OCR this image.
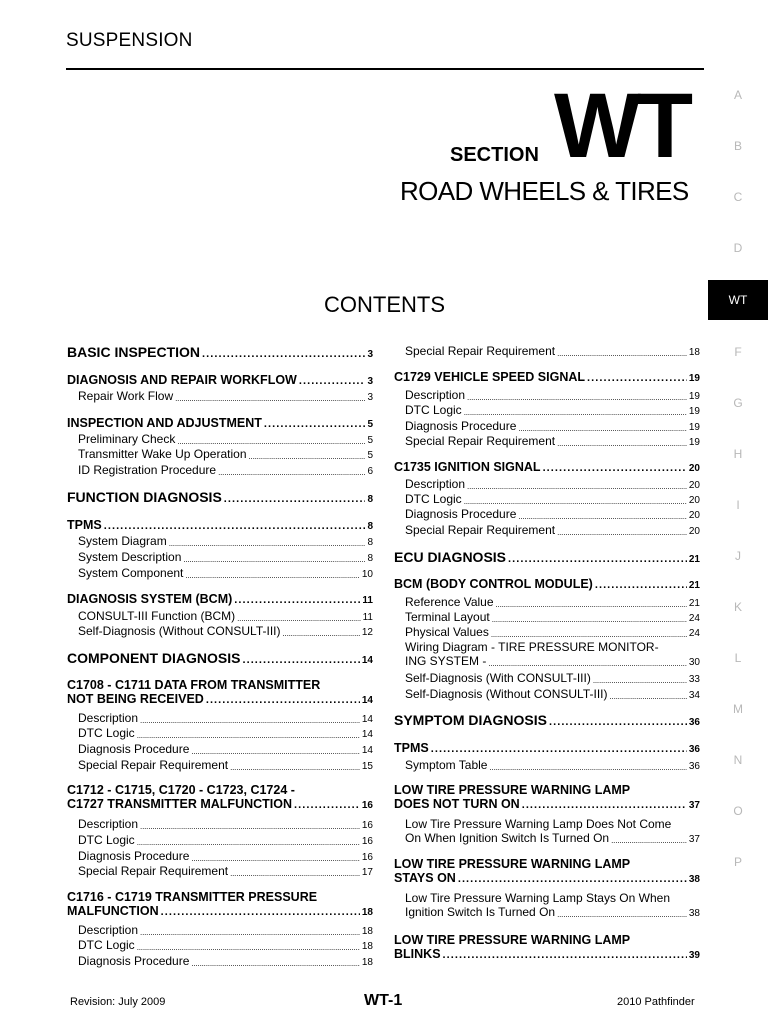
SUSPENSION
SECTION WT
ROAD WHEELS & TIRES
CONTENTS
A
B
C
D
WT
F
G
H
I
J
K
L
M
N
O
P
BASIC INSPECTION . . .	3
DIAGNOSIS AND REPAIR WORKFLOW . . .	3
Repair Work Flow . . .	3
INSPECTION AND ADJUSTMENT . . .	5
Preliminary Check . . .	5
Transmitter Wake Up Operation . . .	5
ID Registration Procedure . . .	6
FUNCTION DIAGNOSIS . . .	8
TPMS . . .	8
System Diagram . . .	8
System Description . . .	8
System Component . . .	10
DIAGNOSIS SYSTEM (BCM) . . .	11
CONSULT-III Function (BCM) . . .	11
Self-Diagnosis (Without CONSULT-III) . . .	12
COMPONENT DIAGNOSIS . . .	14
C1708 - C1711 DATA FROM TRANSMITTER
NOT BEING RECEIVED . . .	14
Description . . .	14
DTC Logic . . .	14
Diagnosis Procedure . . .	14
Special Repair Requirement . . .	15
C1712 - C1715, C1720 - C1723, C1724 -
C1727 TRANSMITTER MALFUNCTION . . .	16
Description . . .	16
DTC Logic . . .	16
Diagnosis Procedure . . .	16
Special Repair Requirement . . .	17
C1716 - C1719 TRANSMITTER PRESSURE
MALFUNCTION . . .	18
Description . . .	18
DTC Logic . . .	18
Diagnosis Procedure . . .	18
Special Repair Requirement . . .	18
C1729 VEHICLE SPEED SIGNAL . . .	19
Description . . .	19
DTC Logic . . .	19
Diagnosis Procedure . . .	19
Special Repair Requirement . . .	19
C1735 IGNITION SIGNAL . . .	20
Description . . .	20
DTC Logic . . .	20
Diagnosis Procedure . . .	20
Special Repair Requirement . . .	20
ECU DIAGNOSIS . . .	21
BCM (BODY CONTROL MODULE) . . .	21
Reference Value . . .	21
Terminal Layout . . .	24
Physical Values . . .	24
Wiring Diagram - TIRE PRESSURE MONITOR-
ING SYSTEM - . . .	30
Self-Diagnosis (With CONSULT-III) . . .	33
Self-Diagnosis (Without CONSULT-III) . . .	34
SYMPTOM DIAGNOSIS . . .	36
TPMS . . .	36
Symptom Table . . .	36
LOW TIRE PRESSURE WARNING LAMP
DOES NOT TURN ON . . .	37
Low Tire Pressure Warning Lamp Does Not Come
On When Ignition Switch Is Turned On . . .	37
LOW TIRE PRESSURE WARNING LAMP
STAYS ON . . .	38
Low Tire Pressure Warning Lamp Stays On When
Ignition Switch Is Turned On . . .	38
LOW TIRE PRESSURE WARNING LAMP
BLINKS . . .	39
Revision: July 2009	WT-1	2010 Pathfinder
